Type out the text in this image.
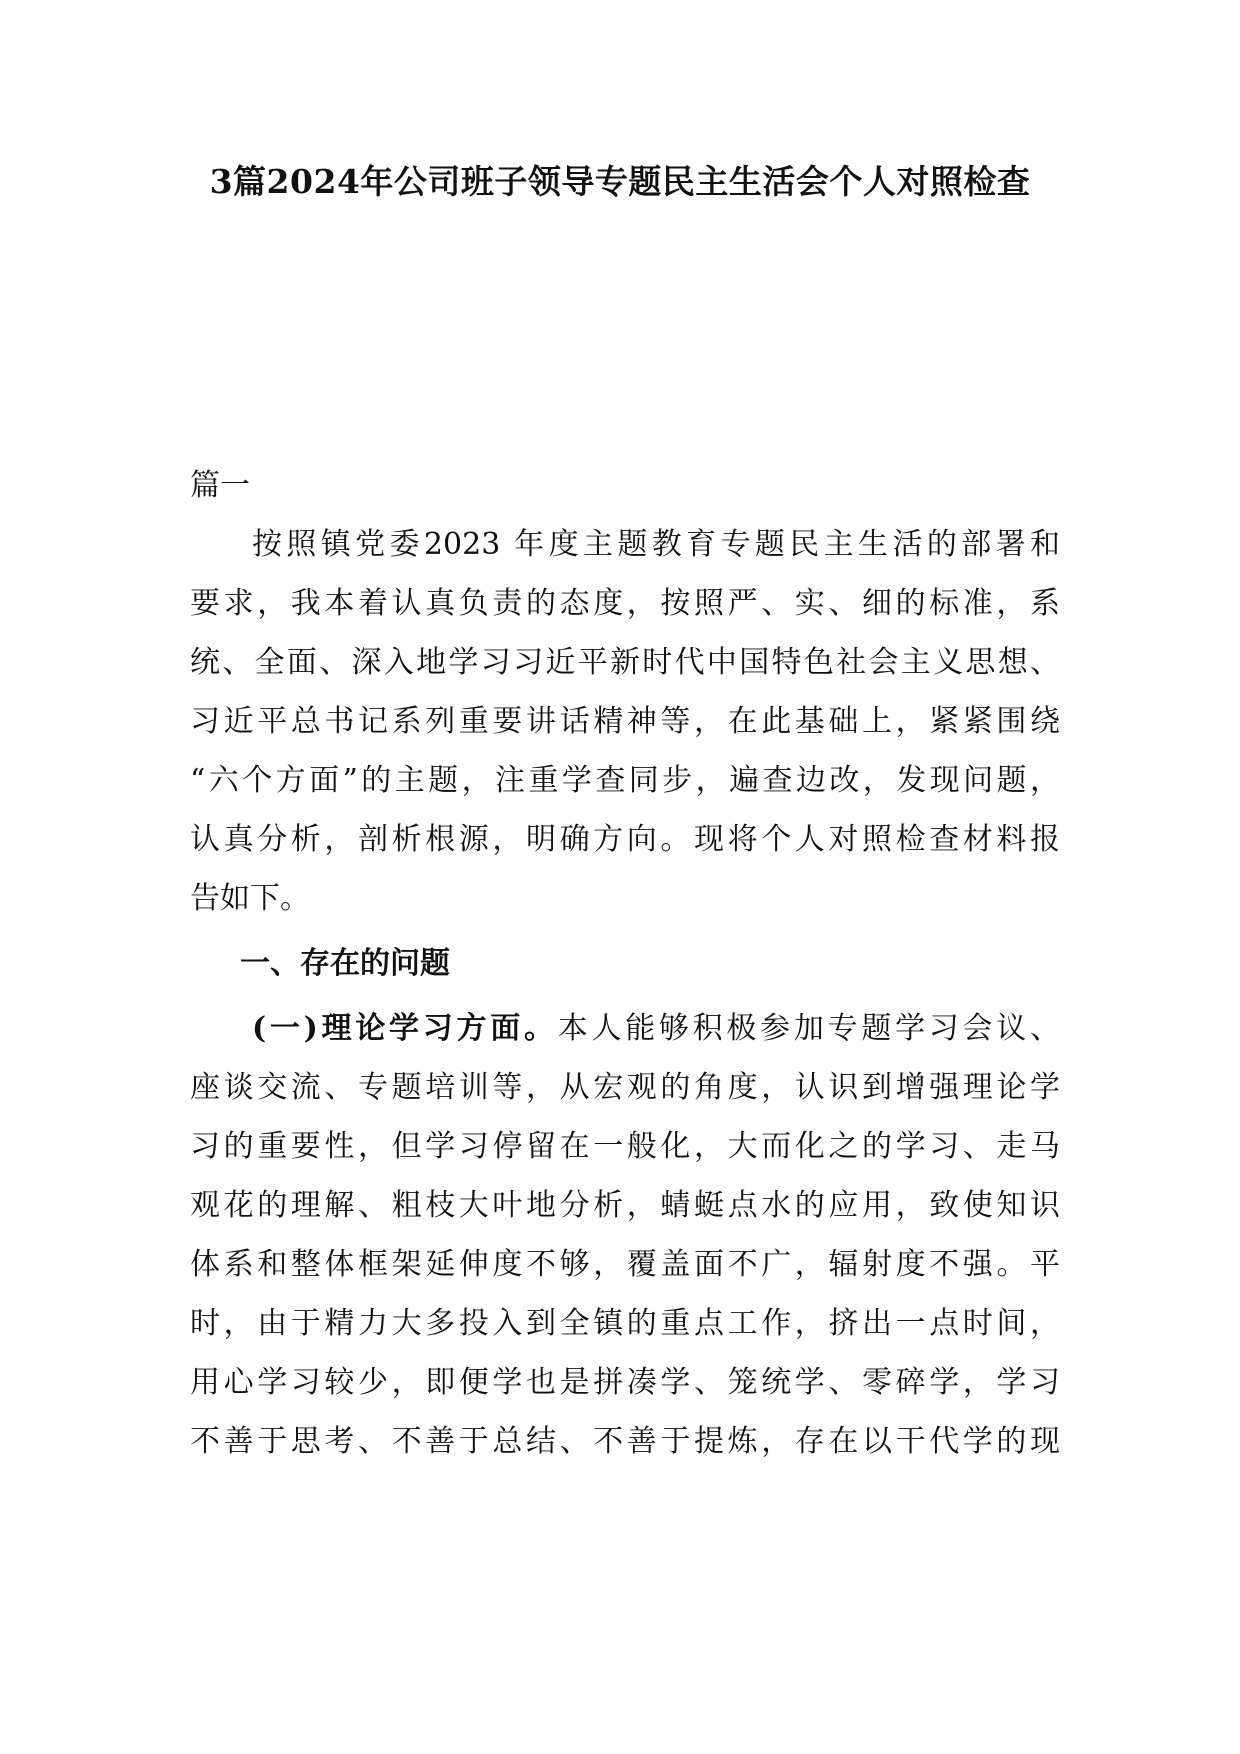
3篇2024年公司班子领导专题民主生活会个人对照检查
篇一
按照镇党委2023 年度主题教育专题民主生活的部署和
要求，我本着认真负责的态度，按照严、实、细的标准，系
统、全面、深入地学习习近平新时代中国特色社会主义思想、
习近平总书记系列重要讲话精神等，在此基础上，紧紧围绕
“六个方面”的主题，注重学查同步，遍查边改，发现问题，
认真分析，剖析根源，明确方向。现将个人对照检查材料报
告如下。
一、存在的问题
(一)理论学习方面。本人能够积极参加专题学习会议、
座谈交流、专题培训等，从宏观的角度，认识到增强理论学
习的重要性，但学习停留在一般化，大而化之的学习、走马
观花的理解、粗枝大叶地分析，蜻蜓点水的应用，致使知识
体系和整体框架延伸度不够，覆盖面不广，辐射度不强。平
时，由于精力大多投入到全镇的重点工作，挤出一点时间，
用心学习较少，即便学也是拼凑学、笼统学、零碎学，学习
不善于思考、不善于总结、不善于提炼，存在以干代学的现
